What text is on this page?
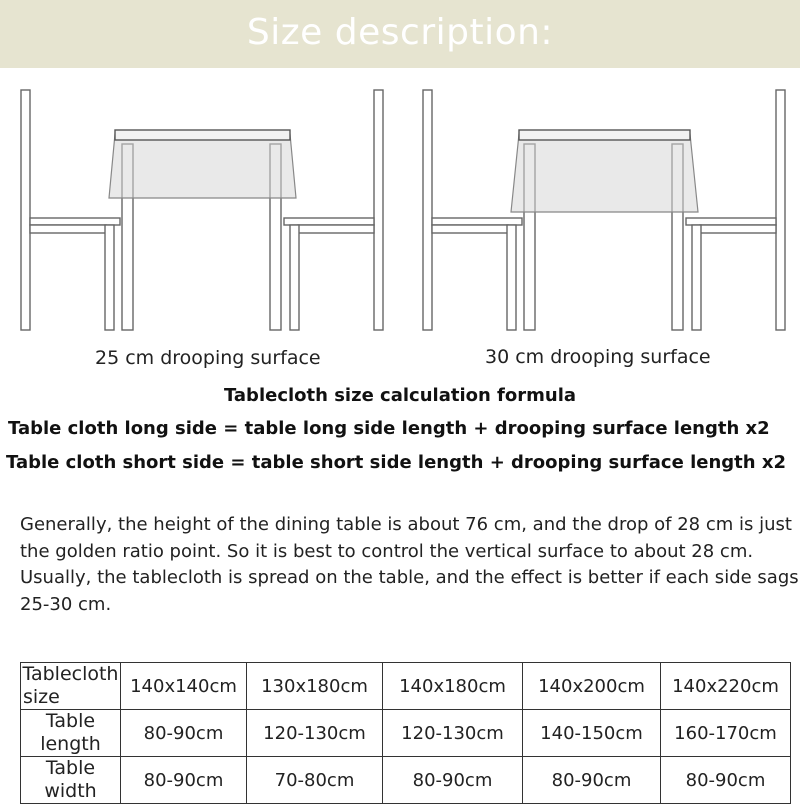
Size description:
25 cm drooping surface	30 cm drooping surface
Tablecloth size calculation formula
Table cloth long side = table long side length + drooping surface length x2
Table cloth short side = table short side length + drooping surface length x2
Generally, the height of the dining table is about 76 cm, and the drop of 28 cm is just the golden ratio point. So it is best to control the vertical surface to about 28 cm. Usually, the tablecloth is spread on the table, and the effect is better if each side sags 25-30 cm.
Tablecloth
size	140x140cm	130x180cm	140x180cm	140x200cm	140x220cm

Table
length	80-90cm	120-130cm	120-130cm	140-150cm	160-170cm

Table
width	80-90cm	70-80cm	80-90cm	80-90cm	80-90cm
